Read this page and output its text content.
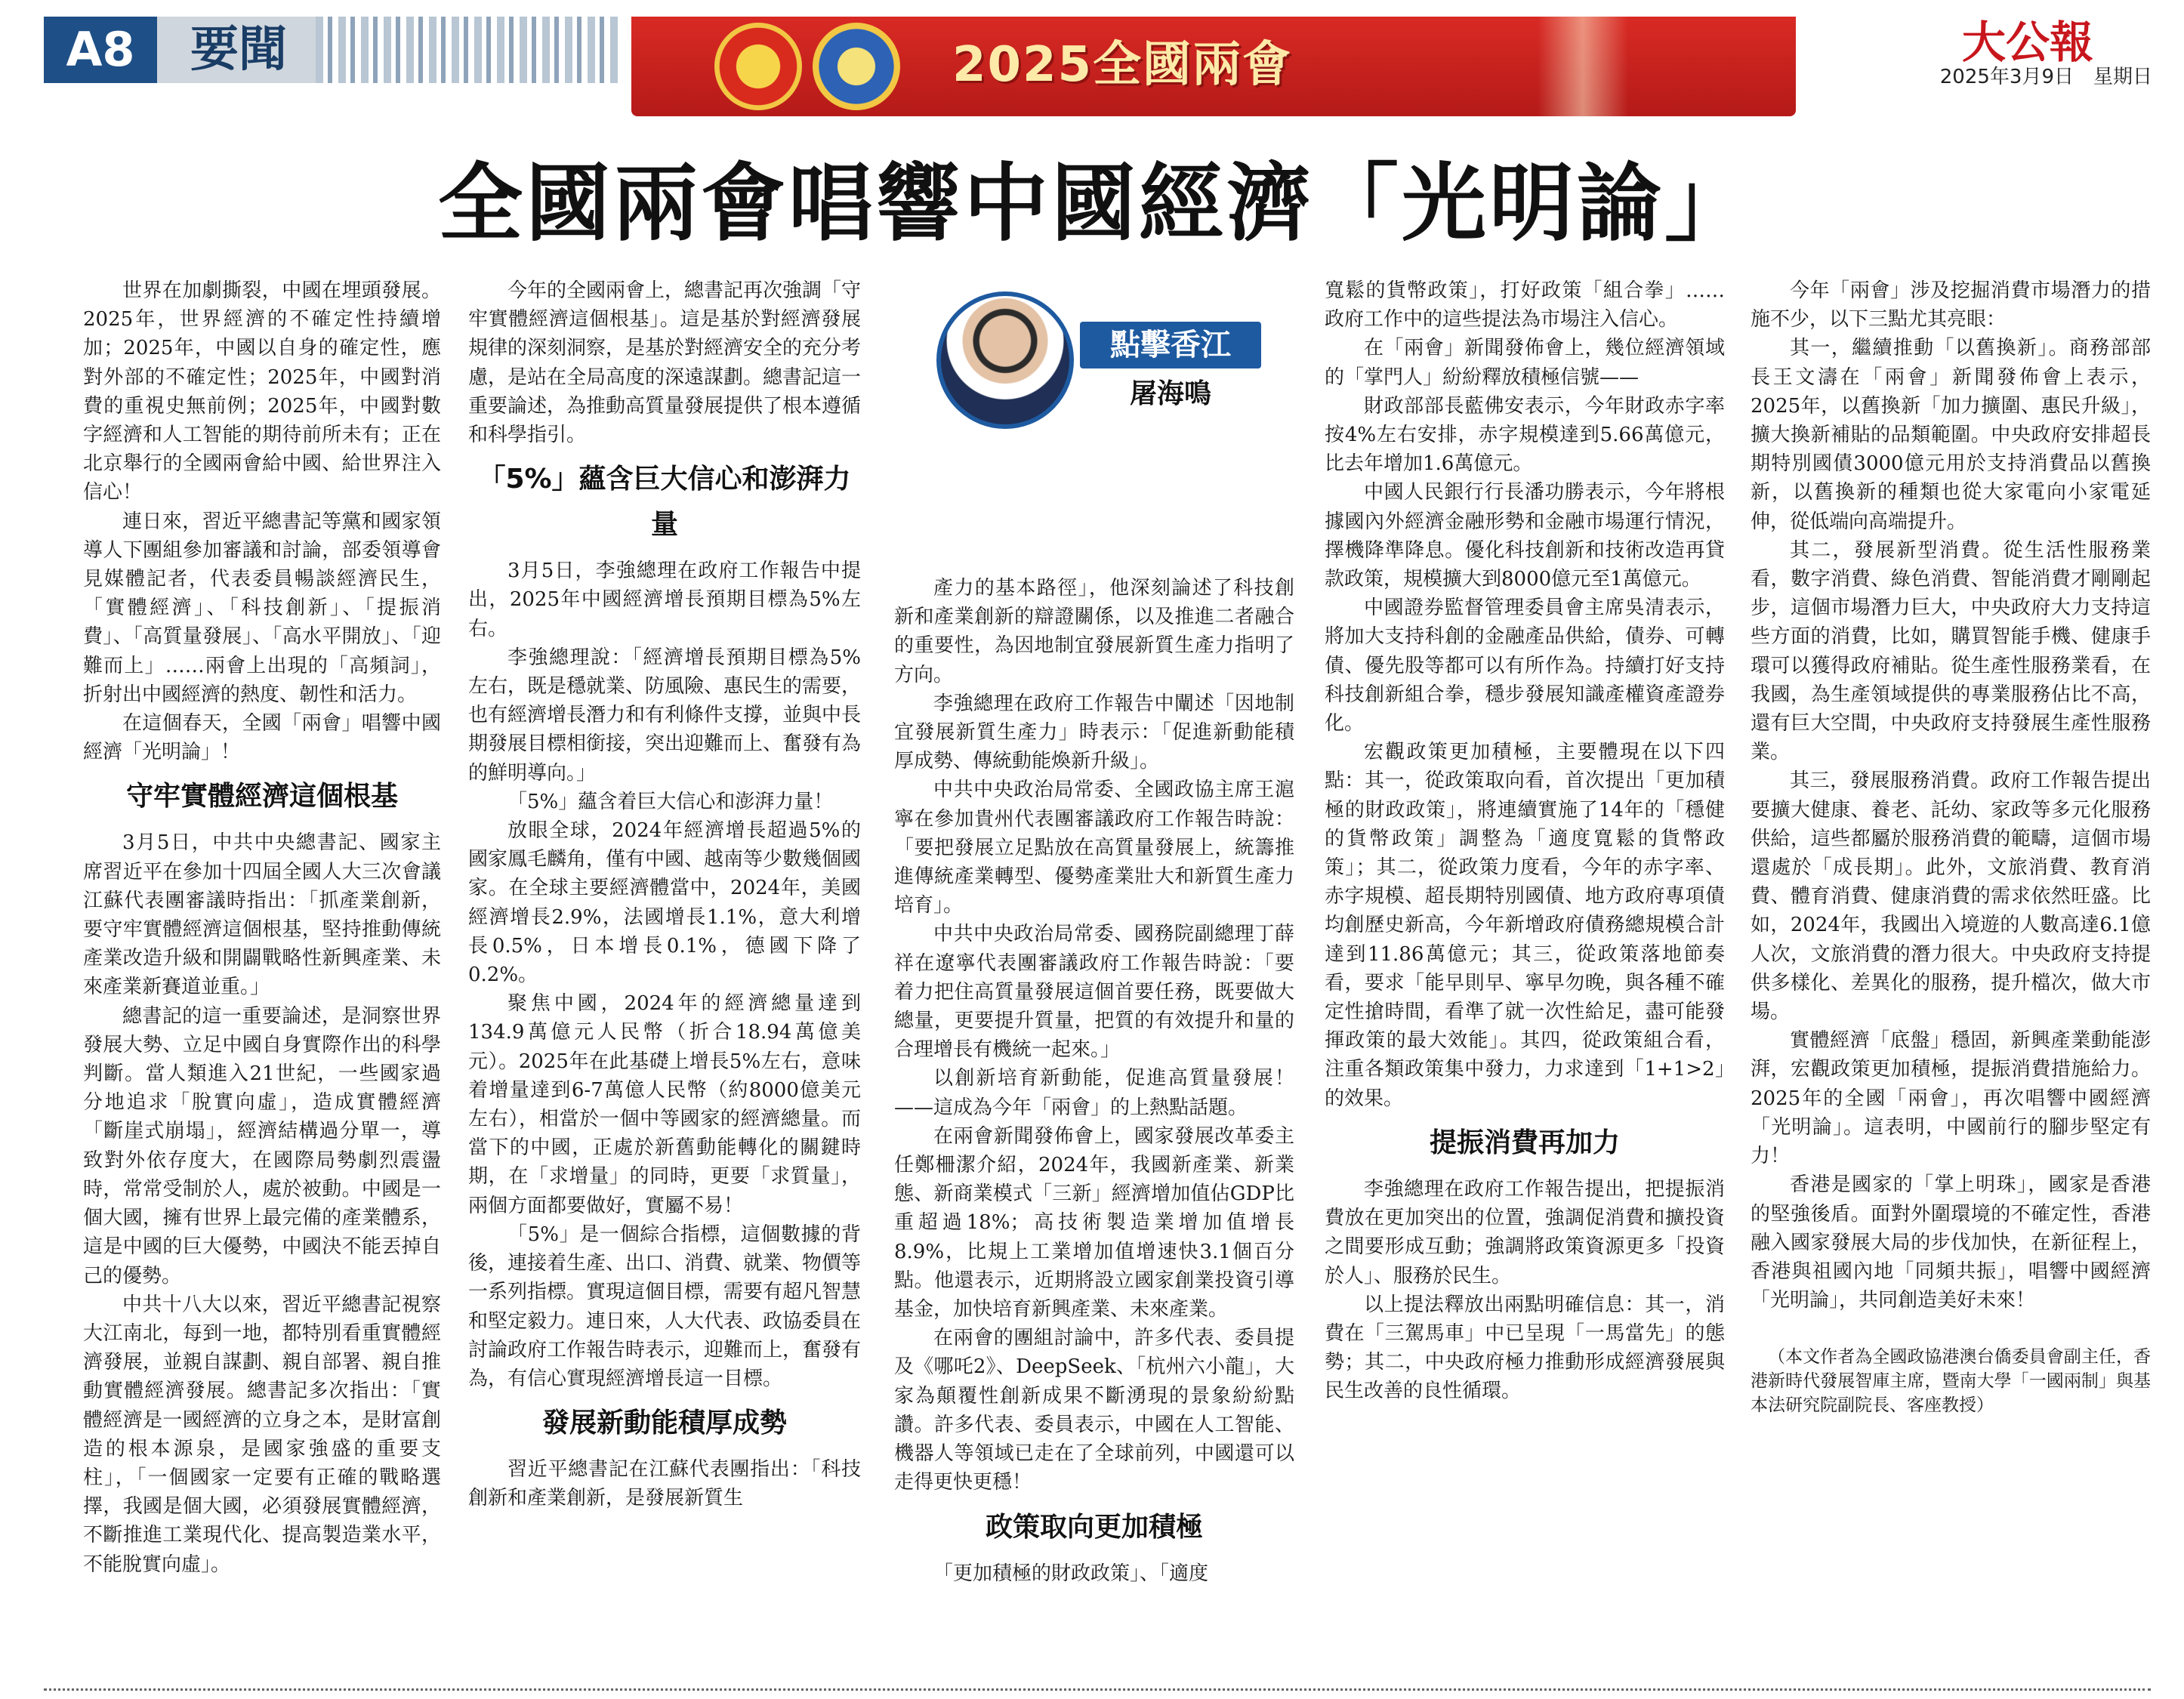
A8	要聞	2025全國兩會	大公報
2025年3月9日　星期日
全國兩會唱響中國經濟「光明論」

世界在加劇撕裂，中國在埋頭發展。2025年，世界經濟的不確定性持續增加；2025年，中國以自身的確定性，應對外部的不確定性；2025年，中國對消費的重視史無前例；2025年，中國對數字經濟和人工智能的期待前所未有；正在北京舉行的全國兩會給中國、給世界注入信心！

連日來，習近平總書記等黨和國家領導人下團組參加審議和討論，部委領導會見媒體記者，代表委員暢談經濟民生，「實體經濟」、「科技創新」、「提振消費」、「高質量發展」、「高水平開放」、「迎難而上」……兩會上出現的「高頻詞」，折射出中國經濟的熱度、韌性和活力。

在這個春天，全國「兩會」唱響中國經濟「光明論」！

守牢實體經濟這個根基

3月5日，中共中央總書記、國家主席習近平在參加十四屆全國人大三次會議江蘇代表團審議時指出：「抓產業創新，要守牢實體經濟這個根基，堅持推動傳統產業改造升級和開闢戰略性新興產業、未來產業新賽道並重。」

總書記的這一重要論述，是洞察世界發展大勢、立足中國自身實際作出的科學判斷。當人類進入21世紀，一些國家過分地追求「脫實向虛」，造成實體經濟「斷崖式崩塌」，經濟結構過分單一，導致對外依存度大，在國際局勢劇烈震盪時，常常受制於人，處於被動。中國是一個大國，擁有世界上最完備的產業體系，這是中國的巨大優勢，中國決不能丟掉自己的優勢。

中共十八大以來，習近平總書記視察大江南北，每到一地，都特別看重實體經濟發展，並親自謀劃、親自部署、親自推動實體經濟發展。總書記多次指出：「實體經濟是一國經濟的立身之本，是財富創造的根本源泉，是國家強盛的重要支柱」，「一個國家一定要有正確的戰略選擇，我國是個大國，必須發展實體經濟，不斷推進工業現代化、提高製造業水平，不能脫實向虛」。

今年的全國兩會上，總書記再次強調「守牢實體經濟這個根基」。這是基於對經濟發展規律的深刻洞察，是基於對經濟安全的充分考慮，是站在全局高度的深遠謀劃。總書記這一重要論述，為推動高質量發展提供了根本遵循和科學指引。

「5%」蘊含巨大信心和澎湃力量

3月5日，李強總理在政府工作報告中提出，2025年中國經濟增長預期目標為5%左右。

李強總理說：「經濟增長預期目標為5%左右，既是穩就業、防風險、惠民生的需要，也有經濟增長潛力和有利條件支撐，並與中長期發展目標相銜接，突出迎難而上、奮發有為的鮮明導向。」

「5%」蘊含着巨大信心和澎湃力量！

放眼全球，2024年經濟增長超過5%的國家鳳毛麟角，僅有中國、越南等少數幾個國家。在全球主要經濟體當中，2024年，美國經濟增長2.9%，法國增長1.1%，意大利增長0.5%，日本增長0.1%，德國下降了0.2%。

聚焦中國，2024年的經濟總量達到134.9萬億元人民幣（折合18.94萬億美元）。2025年在此基礎上增長5%左右，意味着增量達到6-7萬億人民幣（約8000億美元左右），相當於一個中等國家的經濟總量。而當下的中國，正處於新舊動能轉化的關鍵時期，在「求增量」的同時，更要「求質量」，兩個方面都要做好，實屬不易！

「5%」是一個綜合指標，這個數據的背後，連接着生產、出口、消費、就業、物價等一系列指標。實現這個目標，需要有超凡智慧和堅定毅力。連日來，人大代表、政協委員在討論政府工作報告時表示，迎難而上，奮發有為，有信心實現經濟增長這一目標。

發展新動能積厚成勢

習近平總書記在江蘇代表團指出：「科技創新和產業創新，是發展新質生

點擊香江
屠海鳴

產力的基本路徑」，他深刻論述了科技創新和產業創新的辯證關係，以及推進二者融合的重要性，為因地制宜發展新質生產力指明了方向。

李強總理在政府工作報告中闡述「因地制宜發展新質生產力」時表示：「促進新動能積厚成勢、傳統動能煥新升級」。

中共中央政治局常委、全國政協主席王滬寧在參加貴州代表團審議政府工作報告時說：「要把發展立足點放在高質量發展上，統籌推進傳統產業轉型、優勢產業壯大和新質生產力培育」。

中共中央政治局常委、國務院副總理丁薛祥在遼寧代表團審議政府工作報告時說：「要着力把住高質量發展這個首要任務，既要做大總量，更要提升質量，把質的有效提升和量的合理增長有機統一起來。」

以創新培育新動能，促進高質量發展！——這成為今年「兩會」的上熱點話題。

在兩會新聞發佈會上，國家發展改革委主任鄭柵潔介紹，2024年，我國新產業、新業態、新商業模式「三新」經濟增加值佔GDP比重超過18%；高技術製造業增加值增長8.9%，比規上工業增加值增速快3.1個百分點。他還表示，近期將設立國家創業投資引導基金，加快培育新興產業、未來產業。

在兩會的團組討論中，許多代表、委員提及《哪吒2》、DeepSeek、「杭州六小龍」，大家為顛覆性創新成果不斷湧現的景象紛紛點讚。許多代表、委員表示，中國在人工智能、機器人等領域已走在了全球前列，中國還可以走得更快更穩！

政策取向更加積極

「更加積極的財政政策」、「適度

寬鬆的貨幣政策」，打好政策「組合拳」……政府工作中的這些提法為市場注入信心。

在「兩會」新聞發佈會上，幾位經濟領域的「掌門人」紛紛釋放積極信號——

財政部部長藍佛安表示，今年財政赤字率按4%左右安排，赤字規模達到5.66萬億元，比去年增加1.6萬億元。

中國人民銀行行長潘功勝表示，今年將根據國內外經濟金融形勢和金融市場運行情況，擇機降準降息。優化科技創新和技術改造再貸款政策，規模擴大到8000億元至1萬億元。

中國證券監督管理委員會主席吳清表示，將加大支持科創的金融產品供給，債券、可轉債、優先股等都可以有所作為。持續打好支持科技創新組合拳，穩步發展知識產權資產證券化。

宏觀政策更加積極，主要體現在以下四點：其一，從政策取向看，首次提出「更加積極的財政政策」，將連續實施了14年的「穩健的貨幣政策」調整為「適度寬鬆的貨幣政策」；其二，從政策力度看，今年的赤字率、赤字規模、超長期特別國債、地方政府專項債均創歷史新高，今年新增政府債務總規模合計達到11.86萬億元；其三，從政策落地節奏看，要求「能早則早、寧早勿晚，與各種不確定性搶時間，看準了就一次性給足，盡可能發揮政策的最大效能」。其四，從政策組合看，注重各類政策集中發力，力求達到「1+1>2」的效果。

提振消費再加力

李強總理在政府工作報告提出，把提振消費放在更加突出的位置，強調促消費和擴投資之間要形成互動；強調將政策資源更多「投資於人」、服務於民生。

以上提法釋放出兩點明確信息：其一，消費在「三駕馬車」中已呈現「一馬當先」的態勢；其二，中央政府極力推動形成經濟發展與民生改善的良性循環。

今年「兩會」涉及挖掘消費市場潛力的措施不少，以下三點尤其亮眼：

其一，繼續推動「以舊換新」。商務部部長王文濤在「兩會」新聞發佈會上表示，2025年，以舊換新「加力擴圍、惠民升級」，擴大換新補貼的品類範圍。中央政府安排超長期特別國債3000億元用於支持消費品以舊換新，以舊換新的種類也從大家電向小家電延伸，從低端向高端提升。

其二，發展新型消費。從生活性服務業看，數字消費、綠色消費、智能消費才剛剛起步，這個市場潛力巨大，中央政府大力支持這些方面的消費，比如，購買智能手機、健康手環可以獲得政府補貼。從生產性服務業看，在我國，為生產領域提供的專業服務佔比不高，還有巨大空間，中央政府支持發展生產性服務業。

其三，發展服務消費。政府工作報告提出要擴大健康、養老、託幼、家政等多元化服務供給，這些都屬於服務消費的範疇，這個市場還處於「成長期」。此外，文旅消費、教育消費、體育消費、健康消費的需求依然旺盛。比如，2024年，我國出入境遊的人數高達6.1億人次，文旅消費的潛力很大。中央政府支持提供多樣化、差異化的服務，提升檔次，做大市場。

實體經濟「底盤」穩固，新興產業動能澎湃，宏觀政策更加積極，提振消費措施給力。2025年的全國「兩會」，再次唱響中國經濟「光明論」。這表明，中國前行的腳步堅定有力！

香港是國家的「掌上明珠」，國家是香港的堅強後盾。面對外圍環境的不確定性，香港融入國家發展大局的步伐加快，在新征程上，香港與祖國內地「同頻共振」，唱響中國經濟「光明論」，共同創造美好未來！

（本文作者為全國政協港澳台僑委員會副主任，香港新時代發展智庫主席，暨南大學「一國兩制」與基本法研究院副院長、客座教授）
